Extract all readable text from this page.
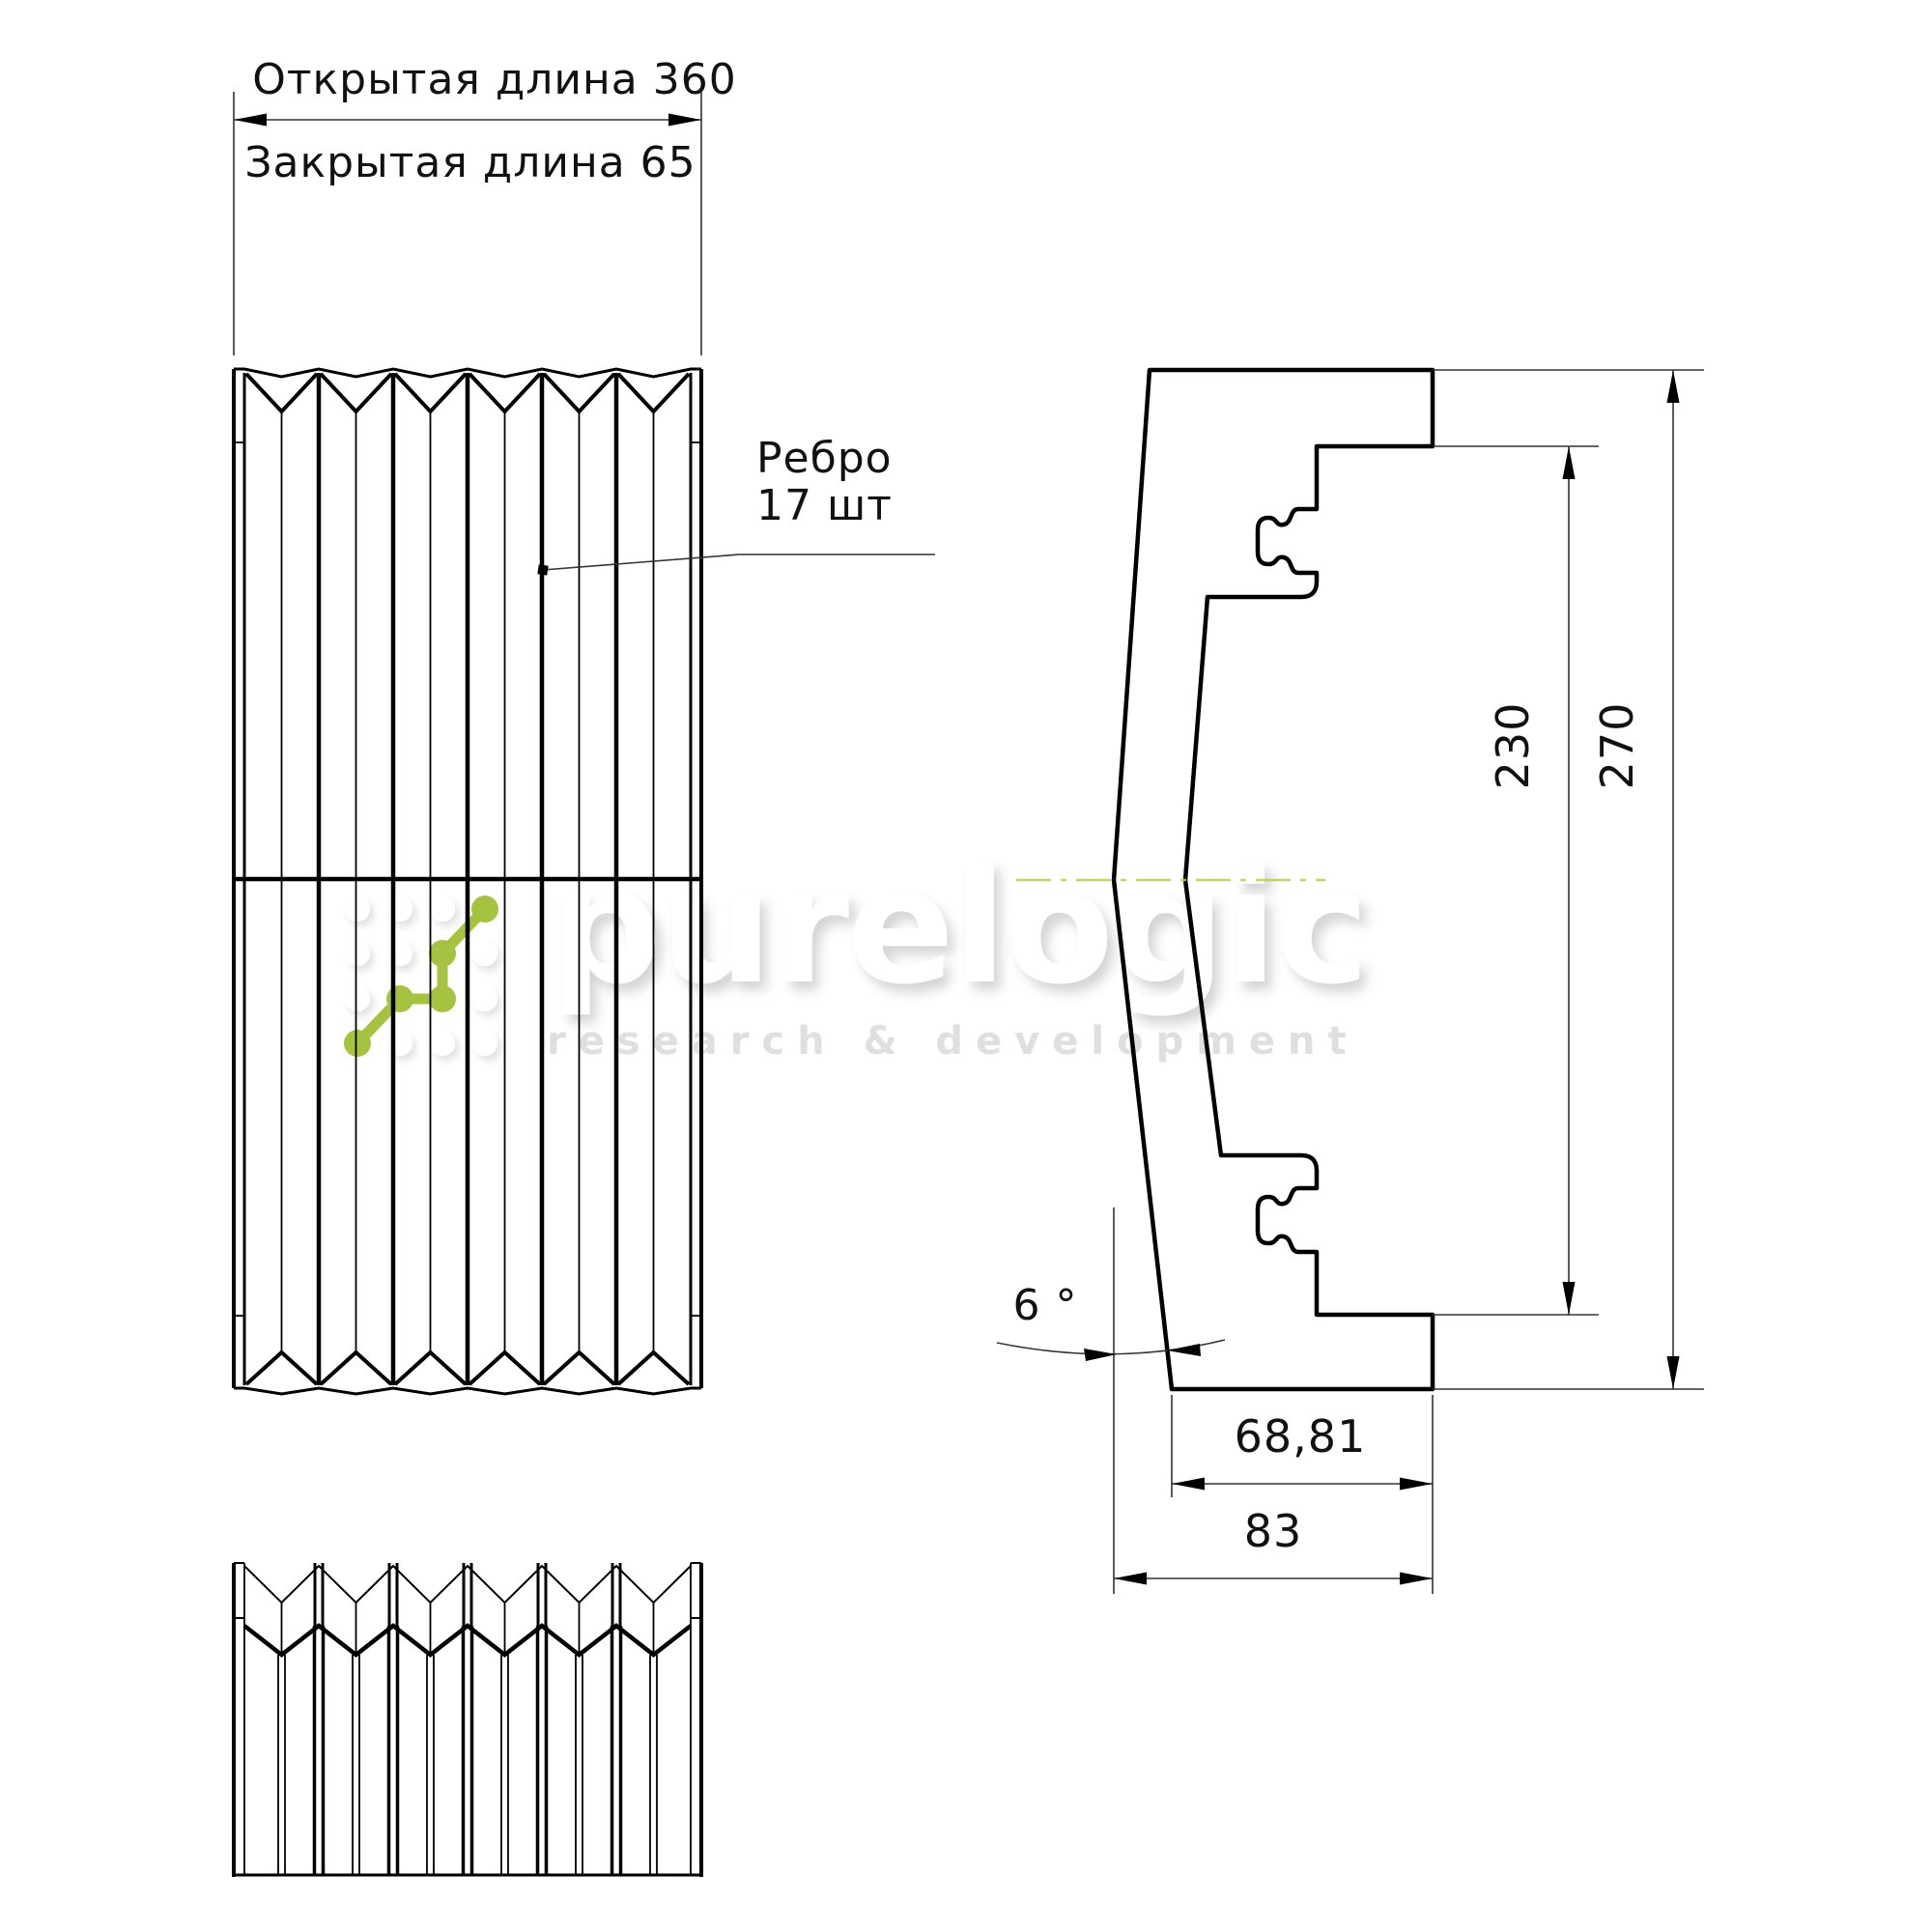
purelogic
research & development
Открытая длина 360
Закрытая длина 65
Ребро
17 шт
270
230
68,81
83
6 °
